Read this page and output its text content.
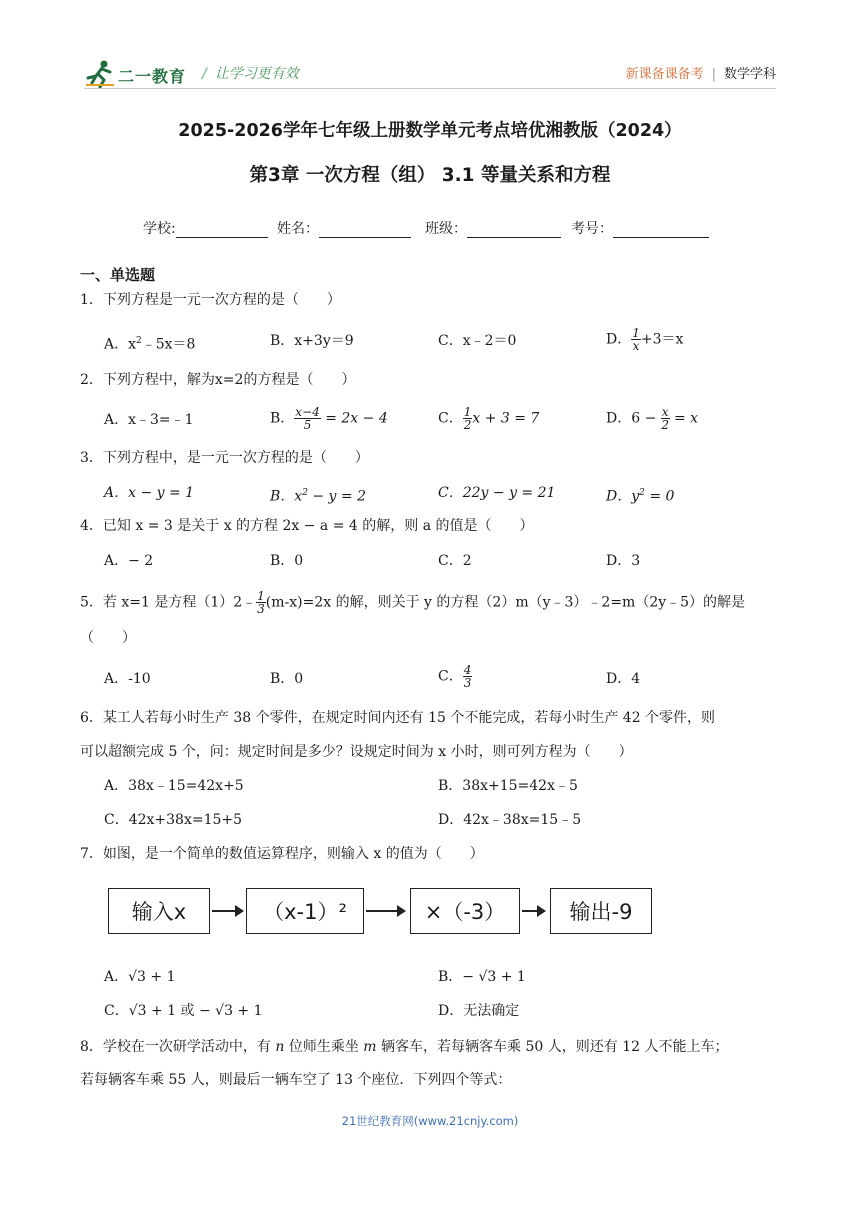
二一教育 / 让学习更有效	新课备课备考 | 数学学科
2025-2026学年七年级上册数学单元考点培优湘教版（2024）
第3章 一次方程（组） 3.1 等量关系和方程
学校:	姓名：	班级：	考号：
一、单选题
1．下列方程是一元一次方程的是（　　）
A．$x^2﹣5x=8$	B．x+3y＝9	C．x﹣2＝0	D． $\frac{1}{x} +3=x$
2．下列方程中，解为x=2的方程是（　　）
A．x﹣3=﹣1	B． $\frac{x-4}{5} = 2x - 4$	C． $\frac{1}{2}$ x + 3 = 7	D．$6 - \frac{x}{2} = x$
3．下列方程中，是一元一次方程的是（　　）
A．x − y = 1	B．$x^2 - y = 2$	C．22y − y = 21	D．$y^2 = 0$
4．已知 x = 3 是关于 x 的方程 2x − a = 4 的解，则 a 的值是（　　）
A．− 2	B．0	C．2	D．3
5．若 x=1 是方程（1）2﹣ $\frac{1}{3} (m-x)=2x$ 的解，则关于 y 的方程（2）m（y﹣3）﹣2=m（2y﹣5）的解是
（　　）
A．-10	B．0	C． $\frac{4}{3}$	D．4
6．某工人若每小时生产 38 个零件，在规定时间内还有 15 个不能完成，若每小时生产 42 个零件，则
可以超额完成 5 个，问：规定时间是多少？设规定时间为 x 小时，则可列方程为（　　）
A．38x﹣15=42x+5	B．38x+15=42x﹣5
C．42x+38x=15+5	D．42x﹣38x=15﹣5
7．如图，是一个简单的数值运算程序，则输入 x 的值为（　　）
输入x	（x-1）²	×（-3）	输出-9
A．√3 + 1	B．− √3 + 1
C．√3 + 1 或 − √3 + 1	D．无法确定
8．学校在一次研学活动中，有 n 位师生乘坐 m 辆客车，若每辆客车乘 50 人，则还有 12 人不能上车；
若每辆客车乘 55 人，则最后一辆车空了 13 个座位．下列四个等式：
21世纪教育网(www.21cnjy.com)
